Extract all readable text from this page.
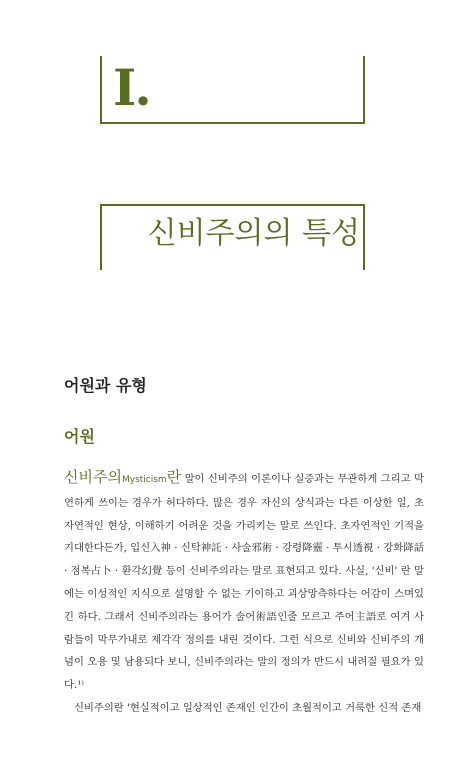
I.
신비주의의 특성
어원과 유형
어원

신비주의Mysticism란 말이 신비주의 이론이나 실증과는 무관하게 그리고 막연하게 쓰이는 경우가 허다하다. 많은 경우 자신의 상식과는 다른 이상한 일, 초자연적인 현상, 이해하기 어려운 것을 가리키는 말로 쓰인다. 초자연적인 기적을 기대한다든가, 입신入神 · 신탁神託 · 사술邪術 · 강령降靈 · 투시透視 · 강화降話 · 점복占卜 · 환각幻覺 등이 신비주의라는 말로 표현되고 있다. 사실, '신비' 란 말에는 이성적인 지식으로 설명할 수 없는 기이하고 괴상망측하다는 어감이 스며있긴 하다. 그래서 신비주의라는 용어가 술어術語인줄 모르고 주어主語로 여겨 사람들이 막무가내로 제각각 정의를 내린 것이다. 그런 식으로 신비와 신비주의 개념이 오용 및 남용되다 보니, 신비주의라는 말의 정의가 반드시 내려질 필요가 있다.¹⁾

신비주의란 '현실적이고 일상적인 존재인 인간이 초월적이고 거룩한 신적 존재
